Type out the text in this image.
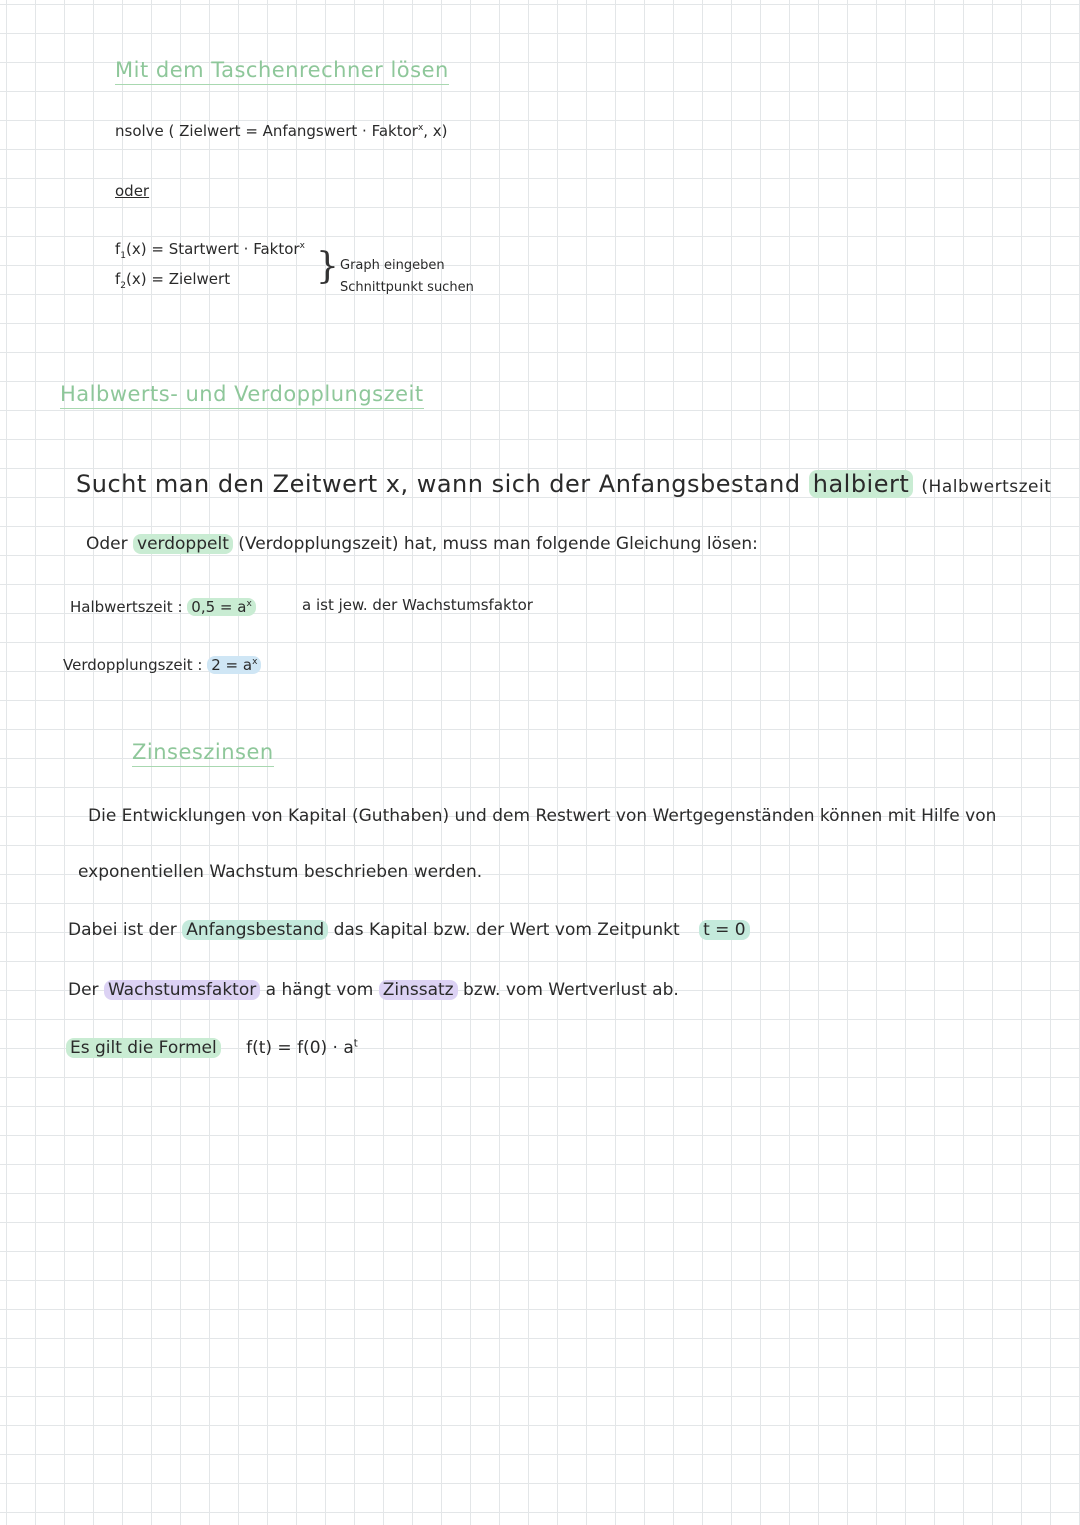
Mit dem Taschenrechner lösen
nsolve ( Zielwert = Anfangswert · Faktor$^x$, x)
oder
$f_1(x)$ = Startwert · Faktor$^x$
$f_2(x)$ = Zielwert } Graph eingeben
Schnittpunkt suchen
Halbwerts- und Verdopplungszeit
Sucht man den Zeitwert x, wann sich der Anfangsbestand halbiert (Halbwertszeit
Oder verdoppelt (Verdopplungszeit) hat, muss man folgende Gleichung lösen:
Halbwertszeit : $0,5 = a^x$	a ist jew. der Wachstumsfaktor
Verdopplungszeit : $2 = a^x$
Zinseszinsen
Die Entwicklungen von Kapital (Guthaben) und dem Restwert von Wertgegenständen können mit Hilfe von
exponentiellen Wachstum beschrieben werden.
Dabei ist der Anfangsbestand das Kapital bzw. der Wert vom Zeitpunkt t = 0
Der Wachstumsfaktor a hängt vom Zinssatz bzw. vom Wertverlust ab.
Es gilt die Formel $f(t) = f(0) \cdot a^t$
